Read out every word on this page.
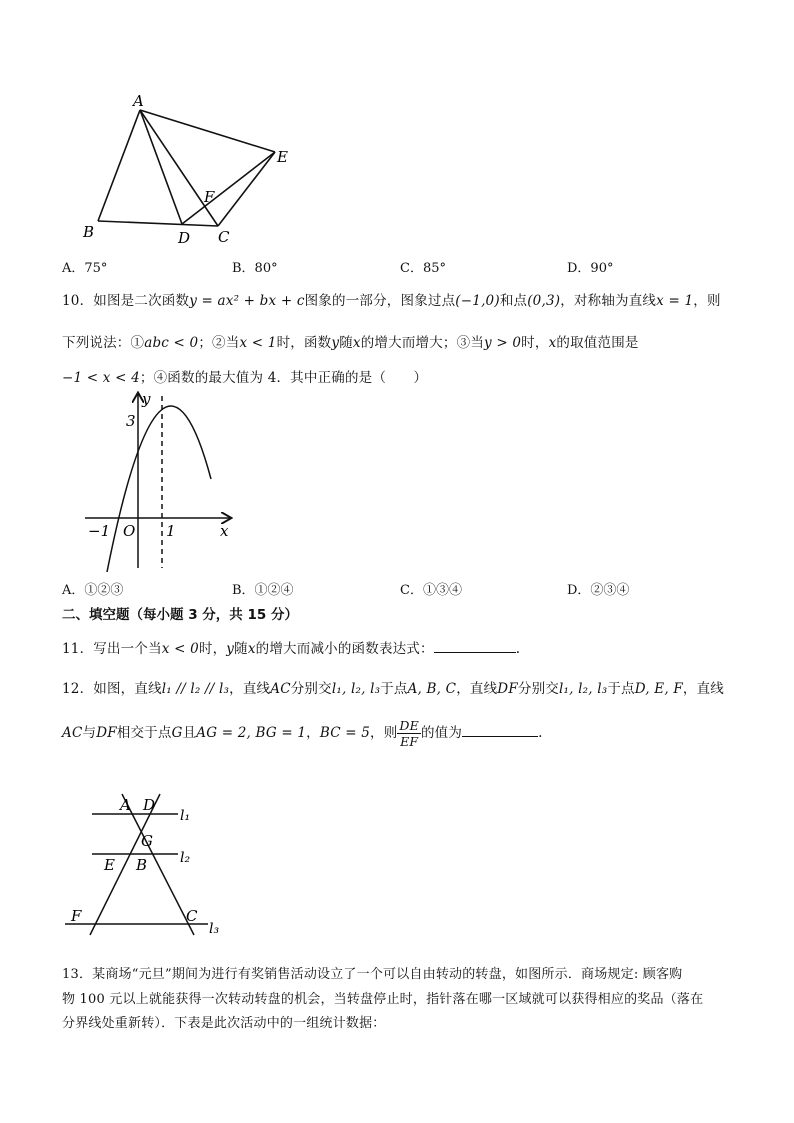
A
B	C
D
E
F
A．75°	B．80°	C．85°	D．90°
10．如图是二次函数y = ax² + bx + c图象的一部分，图象过点(−1,0)和点(0,3)，对称轴为直线x = 1，则
下列说法：①abc < 0；②当x < 1时，函数y随x的增大而增大；③当y > 0时，x的取值范围是
−1 < x < 4；④函数的最大值为 4．其中正确的是（　　）
y
x
O
−1	1
3
A．①②③	B．①②④	C．①③④	D．②③④
二、填空题（每小题 3 分，共 15 分）
11．写出一个当x < 0时，y随x的增大而减小的函数表达式：	.
12．如图，直线l₁ // l₂ // l₃，直线AC分别交l₁, l₂, l₃于点A, B, C，直线DF分别交l₁, l₂, l₃于点D, E, F，直线
AC与DF相交于点G且AG = 2, BG = 1，BC = 5，则 $\frac{DE}{EF}$ 的值为	.
A D
G
E B
F	C
l₁
l₂
l₃
13．某商场“元旦”期间为进行有奖销售活动设立了一个可以自由转动的转盘，如图所示．商场规定: 顾客购
物 100 元以上就能获得一次转动转盘的机会，当转盘停止时，指针落在哪一区域就可以获得相应的奖品（落在
分界线处重新转）．下表是此次活动中的一组统计数据：
